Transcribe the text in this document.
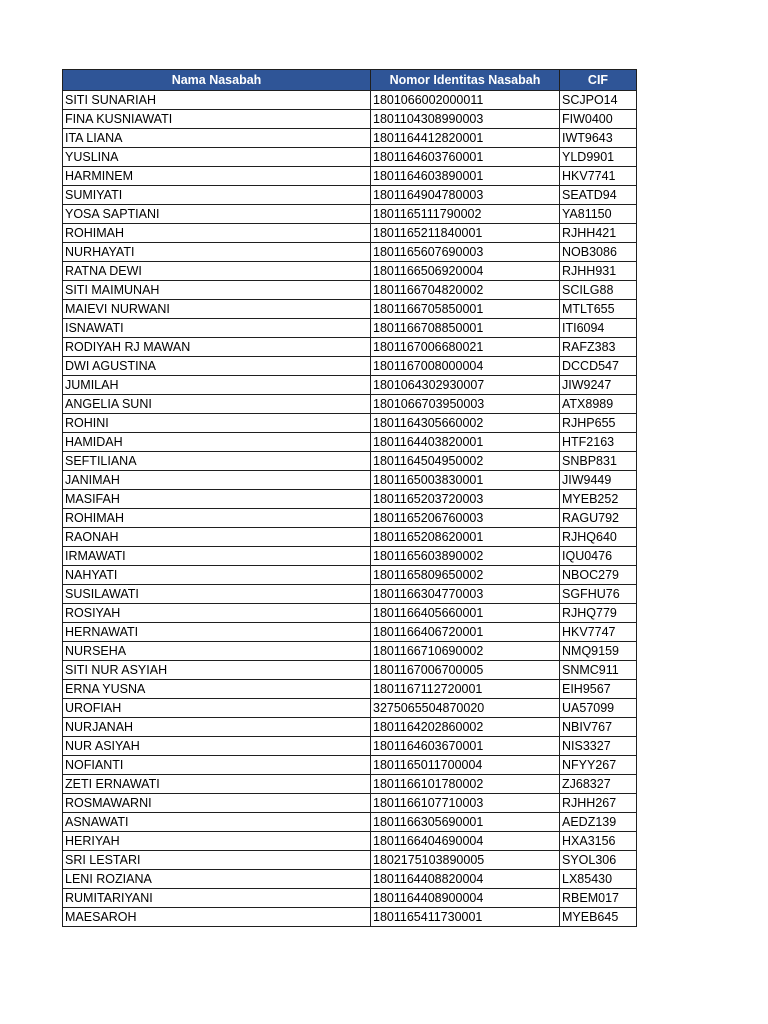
Nama Nasabah	Nomor Identitas Nasabah	CIF
SITI SUNARIAH	1801066002000011	SCJPO14
FINA KUSNIAWATI	1801104308990003	FIW0400
ITA LIANA	1801164412820001	IWT9643
YUSLINA	1801164603760001	YLD9901
HARMINEM	1801164603890001	HKV7741
SUMIYATI	1801164904780003	SEATD94
YOSA SAPTIANI	1801165111790002	YA81150
ROHIMAH	1801165211840001	RJHH421
NURHAYATI	1801165607690003	NOB3086
RATNA DEWI	1801166506920004	RJHH931
SITI MAIMUNAH	1801166704820002	SCILG88
MAIEVI NURWANI	1801166705850001	MTLT655
ISNAWATI	1801166708850001	ITI6094
RODIYAH RJ MAWAN	1801167006680021	RAFZ383
DWI AGUSTINA	1801167008000004	DCCD547
JUMILAH	1801064302930007	JIW9247
ANGELIA SUNI	1801066703950003	ATX8989
ROHINI	1801164305660002	RJHP655
HAMIDAH	1801164403820001	HTF2163
SEFTILIANA	1801164504950002	SNBP831
JANIMAH	1801165003830001	JIW9449
MASIFAH	1801165203720003	MYEB252
ROHIMAH	1801165206760003	RAGU792
RAONAH	1801165208620001	RJHQ640
IRMAWATI	1801165603890002	IQU0476
NAHYATI	1801165809650002	NBOC279
SUSILAWATI	1801166304770003	SGFHU76
ROSIYAH	1801166405660001	RJHQ779
HERNAWATI	1801166406720001	HKV7747
NURSEHA	1801166710690002	NMQ9159
SITI NUR ASYIAH	1801167006700005	SNMC911
ERNA YUSNA	1801167112720001	EIH9567
UROFIAH	3275065504870020	UA57099
NURJANAH	1801164202860002	NBIV767
NUR ASIYAH	1801164603670001	NIS3327
NOFIANTI	1801165011700004	NFYY267
ZETI ERNAWATI	1801166101780002	ZJ68327
ROSMAWARNI	1801166107710003	RJHH267
ASNAWATI	1801166305690001	AEDZ139
HERIYAH	1801166404690004	HXA3156
SRI LESTARI	1802175103890005	SYOL306
LENI ROZIANA	1801164408820004	LX85430
RUMITARIYANI	1801164408900004	RBEM017
MAESAROH	1801165411730001	MYEB645
